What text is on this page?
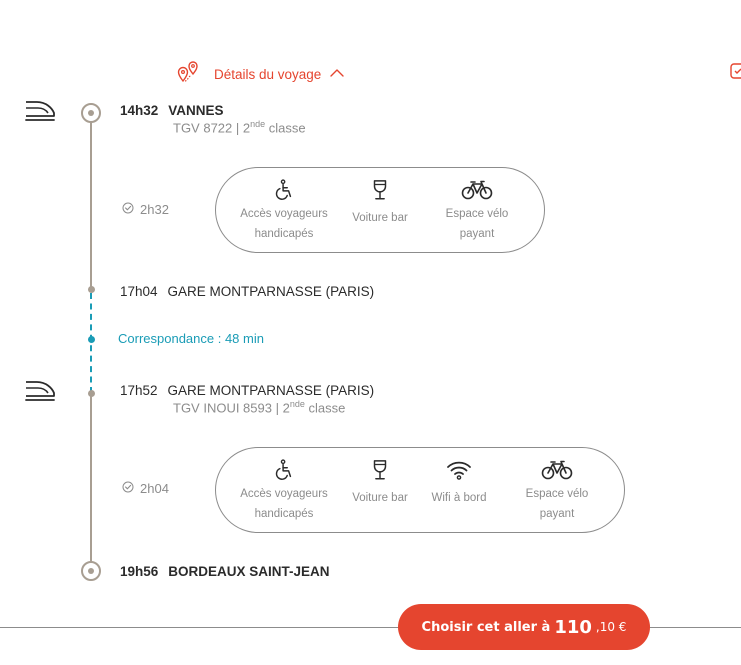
Détails du voyage
14h32 VANNES
TGV 8722 | 2nde classe
2h32	Accès voyageurs
handicapés
Voiture bar	Espace vélo
payant
17h04 GARE MONTPARNASSE (PARIS)
Correspondance : 48 min
17h52 GARE MONTPARNASSE (PARIS)
TGV INOUI 8593 | 2nde classe
2h04	Accès voyageurs
handicapés
Voiture bar Wifi à bord	Espace vélo
payant
19h56 BORDEAUX SAINT-JEAN
Choisir cet aller à 110 ,10 €
